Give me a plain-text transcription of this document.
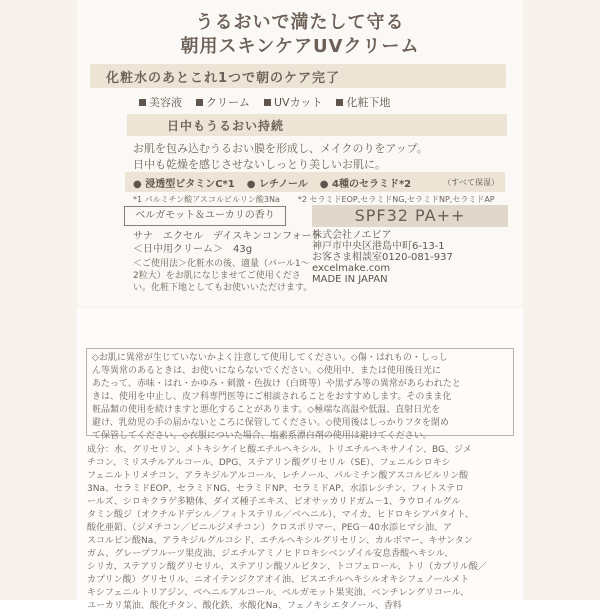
うるおいで満たして守る
朝用スキンケアUVクリーム
化粧水のあとこれ1つで朝のケア完了
美容液 クリーム UVカット 化粧下地
日中もうるおい持続
お肌を包み込むうるおい膜を形成し、メイクのりをアップ。
日中も乾燥を感じさせないしっとり美しいお肌に。
● 浸透型ビタミンC*1 ● レチノール ● 4種のセラミド*2	（すべて保湿）
*1 パルミチン酸アスコルビルリン酸3Na *2 セラミドEOP,セラミドNG,セラミドNP,セラミドAP
ベルガモット＆ユーカリの香り	SPF32 PA++
サナ　エクセル　デイスキンコンフォート
＜日中用クリーム＞　43g
＜ご使用法＞化粧水の後、適量（パール1〜2粒大）をお肌になじませてご使用ください。化粧下地としてもお使いいただけます。
株式会社ノエビア
神戸市中央区港島中町6-13-1
お客さま相談室0120-081-937
excelmake.com
MADE IN JAPAN
◇お肌に異常が生じていないかよく注意して使用してください。◇傷・はれもの・しっし
ん等異常のあるときは、お使いにならないでください。◇使用中、または使用後日光に
あたって、赤味・はれ・かゆみ・刺激・色抜け（白斑等）や黒ずみ等の異常があらわれたと
きは、使用を中止し、皮フ科専門医等にご相談されることをおすすめします。そのまま化
粧品類の使用を続けますと悪化することがあります。◇極端な高温や低温、直射日光を
避け、乳幼児の手の届かないところに保管してください。◇使用後はしっかりフタを閉め
て保管してください。◇衣服についた場合、塩素系漂白剤の使用は避けてください。
成分：水、グリセリン、メトキシケイヒ酸エチルヘキシル、トリエチルヘキサノイン、BG、ジメ
チコン、ミリスチルアルコール、DPG、ステアリン酸グリセリル（SE）、フェニルシロキシ
フェニルトリメチコン、アラキジルアルコール、レチノール、パルミチン酸アスコルビルリン酸
3Na、セラミドEOP、セラミドNG、セラミドNP、セラミドAP、水添レシチン、フィトステロ
ールズ、シロキクラゲ多糖体、ダイズ種子エキス、ビオサッカリドガム－1、ラウロイルグル
タミン酸ジ（オクチルドデシル／フィトステリル／ベヘニル）、マイカ、ヒドロキシアパタイト、
酸化亜鉛、（ジメチコン／ビニルジメチコン）クロスポリマー、PEG－40水添ヒマシ油、ア
スコルビン酸Na、アラキジルグルコシド、エチルヘキシルグリセリン、カルボマー、キサンタン
ガム、グレープフルーツ果皮油、ジエチルアミノヒドロキシベンゾイル安息香酸ヘキシル、
シリカ、ステアリン酸グリセリル、ステアリン酸ソルビタン、トコフェロール、トリ（カプリル酸／
カプリン酸）グリセリル、ニオイテンジクアオイ油、ビスエチルヘキシルオキシフェノールメト
キシフェニルトリアジン、ベヘニルアルコール、ベルガモット果実油、ベンチレングリコール、
ユーカリ葉油、酸化チタン、酸化鉄、水酸化Na、フェノキシエタノール、香料
